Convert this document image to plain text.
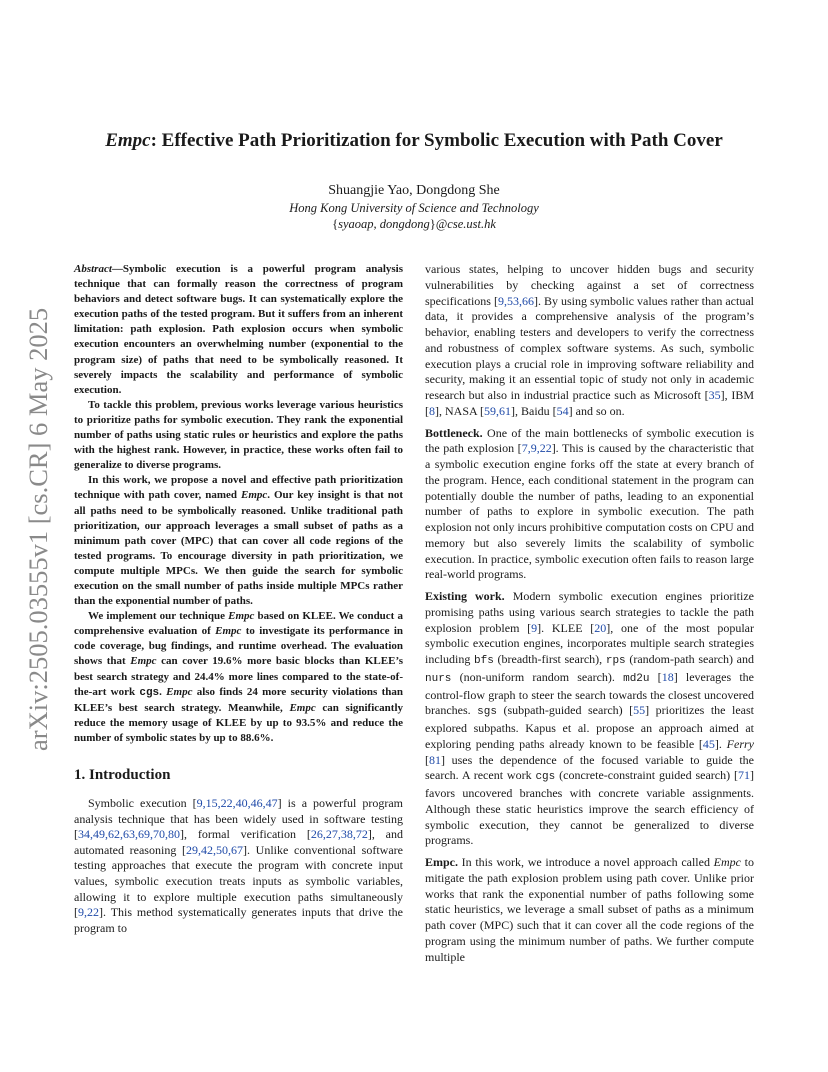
arXiv:2505.03555v1 [cs.CR] 6 May 2025
Empc: Effective Path Prioritization for Symbolic Execution with Path Cover
Shuangjie Yao, Dongdong She
Hong Kong University of Science and Technology
{syaoap, dongdong}@cse.ust.hk

Abstract—Symbolic execution is a powerful program analysis technique that can formally reason the correctness of program behaviors and detect software bugs. It can systematically explore the execution paths of the tested program. But it suffers from an inherent limitation: path explosion. Path explosion occurs when symbolic execution encounters an overwhelming number (exponential to the program size) of paths that need to be symbolically reasoned. It severely impacts the scalability and performance of symbolic execution.

To tackle this problem, previous works leverage various heuristics to prioritize paths for symbolic execution. They rank the exponential number of paths using static rules or heuristics and explore the paths with the highest rank. However, in practice, these works often fail to generalize to diverse programs.

In this work, we propose a novel and effective path prioritization technique with path cover, named Empc. Our key insight is that not all paths need to be symbolically reasoned. Unlike traditional path prioritization, our approach leverages a small subset of paths as a minimum path cover (MPC) that can cover all code regions of the tested programs. To encourage diversity in path prioritization, we compute multiple MPCs. We then guide the search for symbolic execution on the small number of paths inside multiple MPCs rather than the exponential number of paths.

We implement our technique Empc based on KLEE. We conduct a comprehensive evaluation of Empc to investigate its performance in code coverage, bug findings, and runtime overhead. The evaluation shows that Empc can cover 19.6% more basic blocks than KLEE’s best search strategy and 24.4% more lines compared to the state-of-the-art work cgs. Empc also finds 24 more security violations than KLEE’s best search strategy. Meanwhile, Empc can significantly reduce the memory usage of KLEE by up to 93.5% and reduce the number of symbolic states by up to 88.6%.

1. Introduction

Symbolic execution [9,15,22,40,46,47] is a powerful program analysis technique that has been widely used in software testing [34,49,62,63,69,70,80], formal verification [26,27,38,72], and automated reasoning [29,42,50,67]. Unlike conventional software testing approaches that execute the program with concrete input values, symbolic execution treats inputs as symbolic variables, allowing it to explore multiple execution paths simultaneously [9,22]. This method systematically generates inputs that drive the program to

various states, helping to uncover hidden bugs and security vulnerabilities by checking against a set of correctness specifications [9,53,66]. By using symbolic values rather than actual data, it provides a comprehensive analysis of the program’s behavior, enabling testers and developers to verify the correctness and robustness of complex software systems. As such, symbolic execution plays a crucial role in improving software reliability and security, making it an essential topic of study not only in academic research but also in industrial practice such as Microsoft [35], IBM [8], NASA [59,61], Baidu [54] and so on.

Bottleneck. One of the main bottlenecks of symbolic execution is the path explosion [7,9,22]. This is caused by the characteristic that a symbolic execution engine forks off the state at every branch of the program. Hence, each conditional statement in the program can potentially double the number of paths, leading to an exponential number of paths to explore in symbolic execution. The path explosion not only incurs prohibitive computation costs on CPU and memory but also severely limits the scalability of symbolic execution. In practice, symbolic execution often fails to reason large real-world programs.

Existing work. Modern symbolic execution engines prioritize promising paths using various search strategies to tackle the path explosion problem [9]. KLEE [20], one of the most popular symbolic execution engines, incorporates multiple search strategies including bfs (breadth-first search), rps (random-path search) and nurs (non-uniform random search). md2u [18] leverages the control-flow graph to steer the search towards the closest uncovered branches. sgs (subpath-guided search) [55] prioritizes the least explored subpaths. Kapus et al. propose an approach aimed at exploring pending paths already known to be feasible [45]. Ferry [81] uses the dependence of the focused variable to guide the search. A recent work cgs (concrete-constraint guided search) [71] favors uncovered branches with concrete variable assignments. Although these static heuristics improve the search efficiency of symbolic execution, they cannot be generalized to diverse programs.

Empc. In this work, we introduce a novel approach called Empc to mitigate the path explosion problem using path cover. Unlike prior works that rank the exponential number of paths following some static heuristics, we leverage a small subset of paths as a minimum path cover (MPC) such that it can cover all the code regions of the program using the minimum number of paths. We further compute multiple
